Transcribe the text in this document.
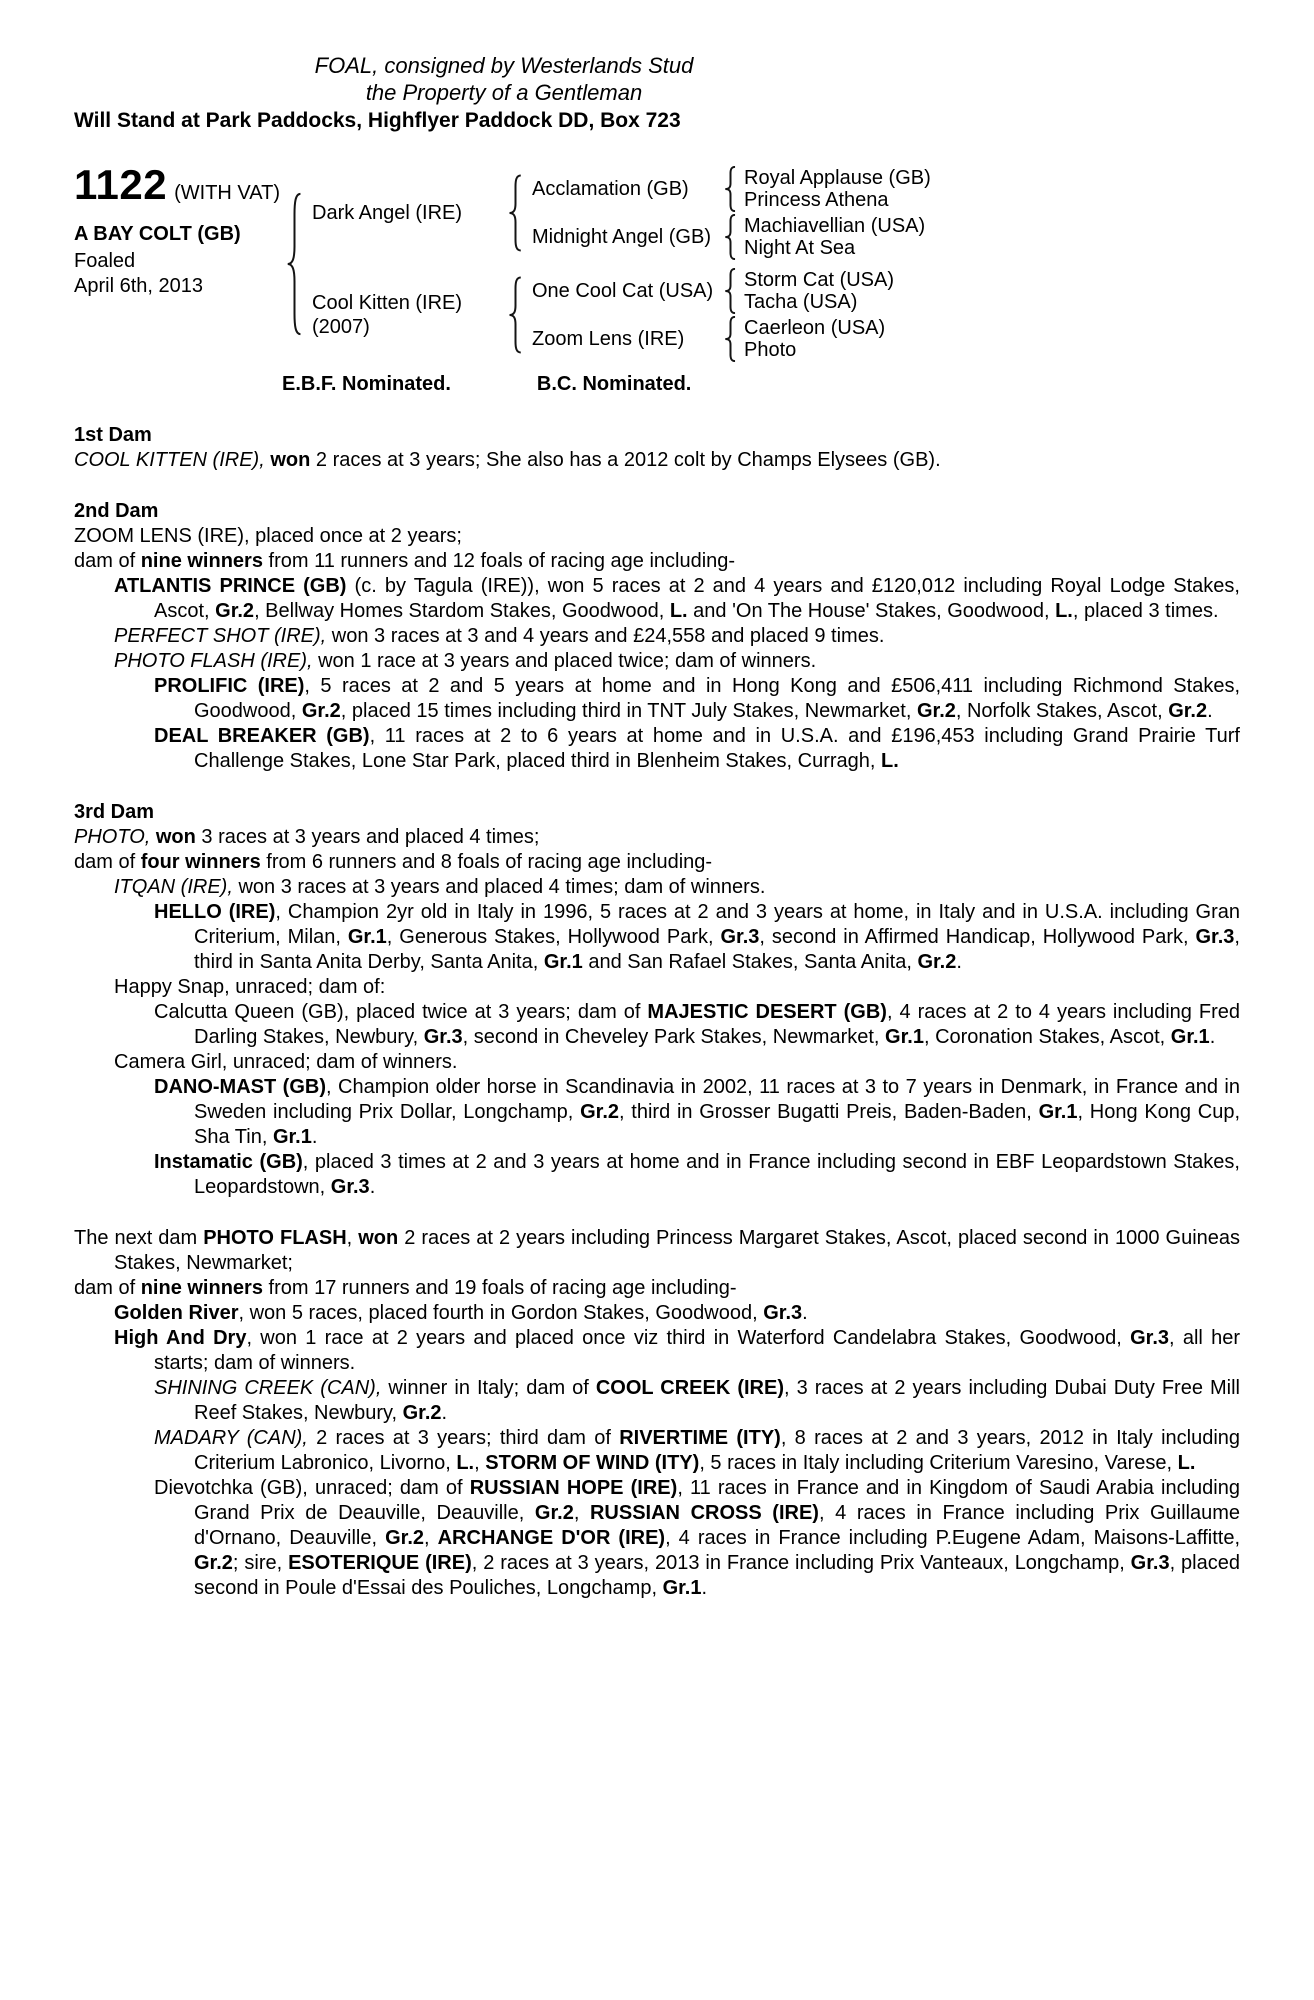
FOAL, consigned by Westerlands Stud
the Property of a Gentleman
Will Stand at Park Paddocks, Highflyer Paddock DD, Box 723
1122 (WITH VAT)
A BAY COLT (GB)
Foaled
April 6th, 2013
Dark Angel (IRE)
Acclamation (GB)	Royal Applause (GB)
Princess Athena
Midnight Angel (GB)	Machiavellian (USA)
Night At Sea
Cool Kitten (IRE)
(2007)
One Cool Cat (USA)	Storm Cat (USA)
Tacha (USA)
Zoom Lens (IRE)	Caerleon (USA)
Photo
E.B.F. Nominated.	B.C. Nominated.
1st Dam
COOL KITTEN (IRE), won 2 races at 3 years; She also has a 2012 colt by Champs Elysees (GB).
2nd Dam
ZOOM LENS (IRE), placed once at 2 years;
dam of nine winners from 11 runners and 12 foals of racing age including-
ATLANTIS PRINCE (GB) (c. by Tagula (IRE)), won 5 races at 2 and 4 years and £120,012 including Royal Lodge Stakes, Ascot, Gr.2, Bellway Homes Stardom Stakes, Goodwood, L. and 'On The House' Stakes, Goodwood, L., placed 3 times.
PERFECT SHOT (IRE), won 3 races at 3 and 4 years and £24,558 and placed 9 times.
PHOTO FLASH (IRE), won 1 race at 3 years and placed twice; dam of winners.
PROLIFIC (IRE), 5 races at 2 and 5 years at home and in Hong Kong and £506,411 including Richmond Stakes, Goodwood, Gr.2, placed 15 times including third in TNT July Stakes, Newmarket, Gr.2, Norfolk Stakes, Ascot, Gr.2.
DEAL BREAKER (GB), 11 races at 2 to 6 years at home and in U.S.A. and £196,453 including Grand Prairie Turf Challenge Stakes, Lone Star Park, placed third in Blenheim Stakes, Curragh, L.
3rd Dam
PHOTO, won 3 races at 3 years and placed 4 times;
dam of four winners from 6 runners and 8 foals of racing age including-
ITQAN (IRE), won 3 races at 3 years and placed 4 times; dam of winners.
HELLO (IRE), Champion 2yr old in Italy in 1996, 5 races at 2 and 3 years at home, in Italy and in U.S.A. including Gran Criterium, Milan, Gr.1, Generous Stakes, Hollywood Park, Gr.3, second in Affirmed Handicap, Hollywood Park, Gr.3, third in Santa Anita Derby, Santa Anita, Gr.1 and San Rafael Stakes, Santa Anita, Gr.2.
Happy Snap, unraced; dam of:
Calcutta Queen (GB), placed twice at 3 years; dam of MAJESTIC DESERT (GB), 4 races at 2 to 4 years including Fred Darling Stakes, Newbury, Gr.3, second in Cheveley Park Stakes, Newmarket, Gr.1, Coronation Stakes, Ascot, Gr.1.
Camera Girl, unraced; dam of winners.
DANO-MAST (GB), Champion older horse in Scandinavia in 2002, 11 races at 3 to 7 years in Denmark, in France and in Sweden including Prix Dollar, Longchamp, Gr.2, third in Grosser Bugatti Preis, Baden-Baden, Gr.1, Hong Kong Cup, Sha Tin, Gr.1.
Instamatic (GB), placed 3 times at 2 and 3 years at home and in France including second in EBF Leopardstown Stakes, Leopardstown, Gr.3.
The next dam PHOTO FLASH, won 2 races at 2 years including Princess Margaret Stakes, Ascot, placed second in 1000 Guineas Stakes, Newmarket;
dam of nine winners from 17 runners and 19 foals of racing age including-
Golden River, won 5 races, placed fourth in Gordon Stakes, Goodwood, Gr.3.
High And Dry, won 1 race at 2 years and placed once viz third in Waterford Candelabra Stakes, Goodwood, Gr.3, all her starts; dam of winners.
SHINING CREEK (CAN), winner in Italy; dam of COOL CREEK (IRE), 3 races at 2 years including Dubai Duty Free Mill Reef Stakes, Newbury, Gr.2.
MADARY (CAN), 2 races at 3 years; third dam of RIVERTIME (ITY), 8 races at 2 and 3 years, 2012 in Italy including Criterium Labronico, Livorno, L., STORM OF WIND (ITY), 5 races in Italy including Criterium Varesino, Varese, L.
Dievotchka (GB), unraced; dam of RUSSIAN HOPE (IRE), 11 races in France and in Kingdom of Saudi Arabia including Grand Prix de Deauville, Deauville, Gr.2, RUSSIAN CROSS (IRE), 4 races in France including Prix Guillaume d'Ornano, Deauville, Gr.2, ARCHANGE D'OR (IRE), 4 races in France including P.Eugene Adam, Maisons-Laffitte, Gr.2; sire, ESOTERIQUE (IRE), 2 races at 3 years, 2013 in France including Prix Vanteaux, Longchamp, Gr.3, placed second in Poule d'Essai des Pouliches, Longchamp, Gr.1.
